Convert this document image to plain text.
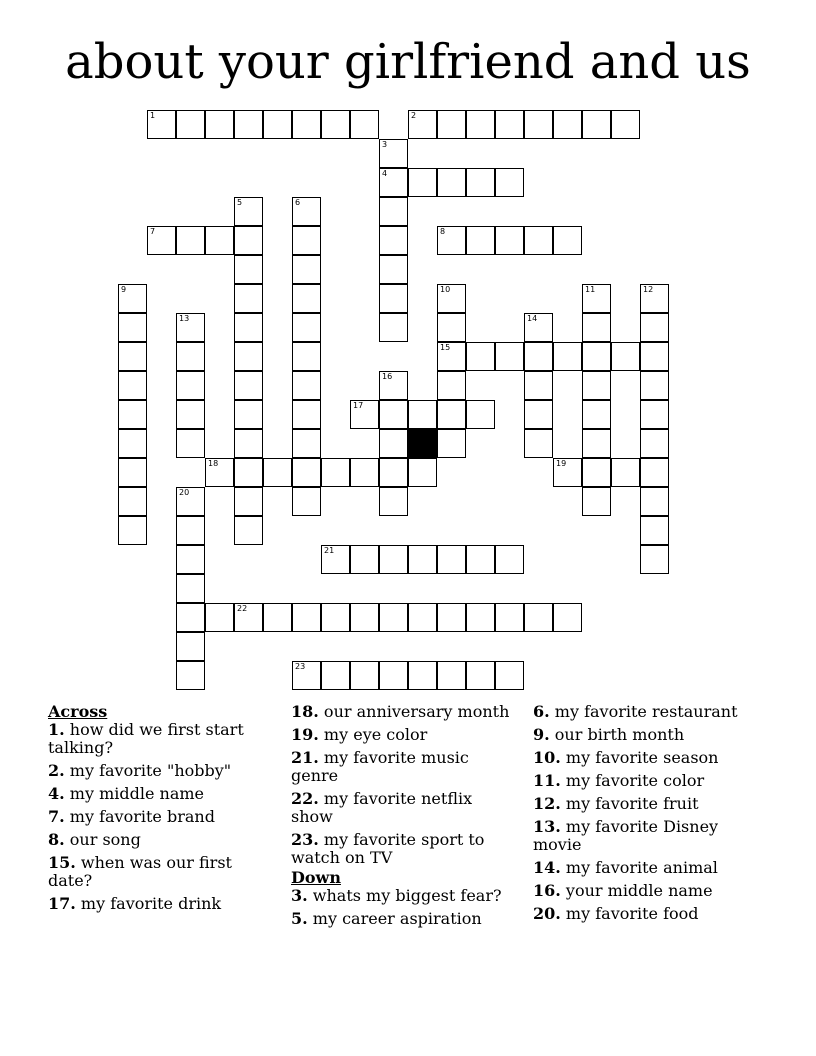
about your girlfriend and us
1	2
3
4
5	6
7	8
9	10
15
11	12
13	14
16
17
18	19
20
21
22
23

Across

1. how did we first start talking?

2. my favorite "hobby"

4. my middle name

7. my favorite brand

8. our song

15. when was our first date?

17. my favorite drink

18. our anniversary month

19. my eye color

21. my favorite music genre

22. my favorite netflix show

23. my favorite sport to watch on TV

Down

3. whats my biggest fear?

5. my career aspiration

6. my favorite restaurant

9. our birth month

10. my favorite season

11. my favorite color

12. my favorite fruit

13. my favorite Disney movie

14. my favorite animal

16. your middle name

20. my favorite food
